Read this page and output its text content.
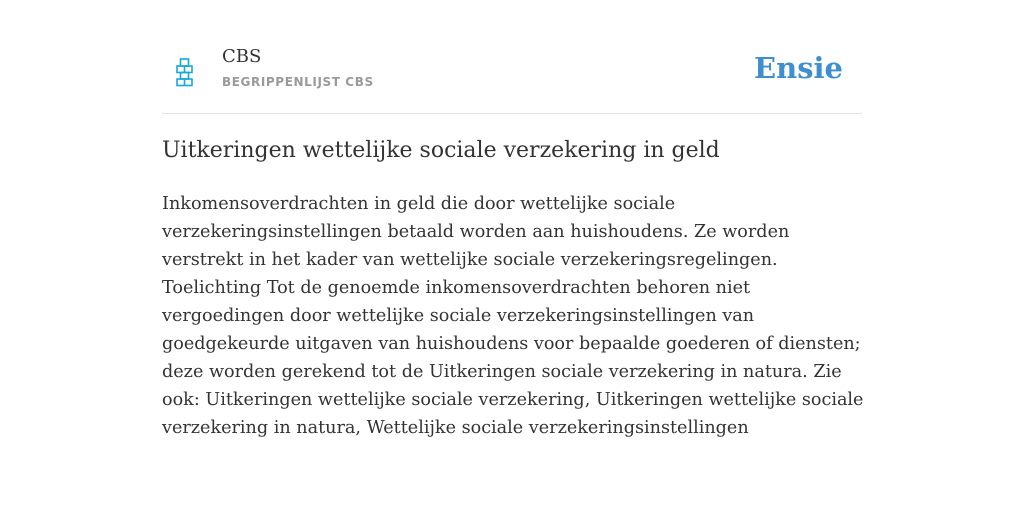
CBS
BEGRIPPENLIJST CBS	Ensie
Uitkeringen wettelijke sociale verzekering in geld

Inkomensoverdrachten in geld die door wettelijke sociale verzekeringsinstellingen betaald worden aan huishoudens. Ze worden verstrekt in het kader van wettelijke sociale verzekeringsregelingen. Toelichting Tot de genoemde inkomensoverdrachten behoren niet vergoedingen door wettelijke sociale verzekeringsinstellingen van goedgekeurde uitgaven van huishoudens voor bepaalde goederen of diensten; deze worden gerekend tot de Uitkeringen sociale verzekering in natura. Zie ook: Uitkeringen wettelijke sociale verzekering, Uitkeringen wettelijke sociale verzekering in natura, Wettelijke sociale verzekeringsinstellingen
